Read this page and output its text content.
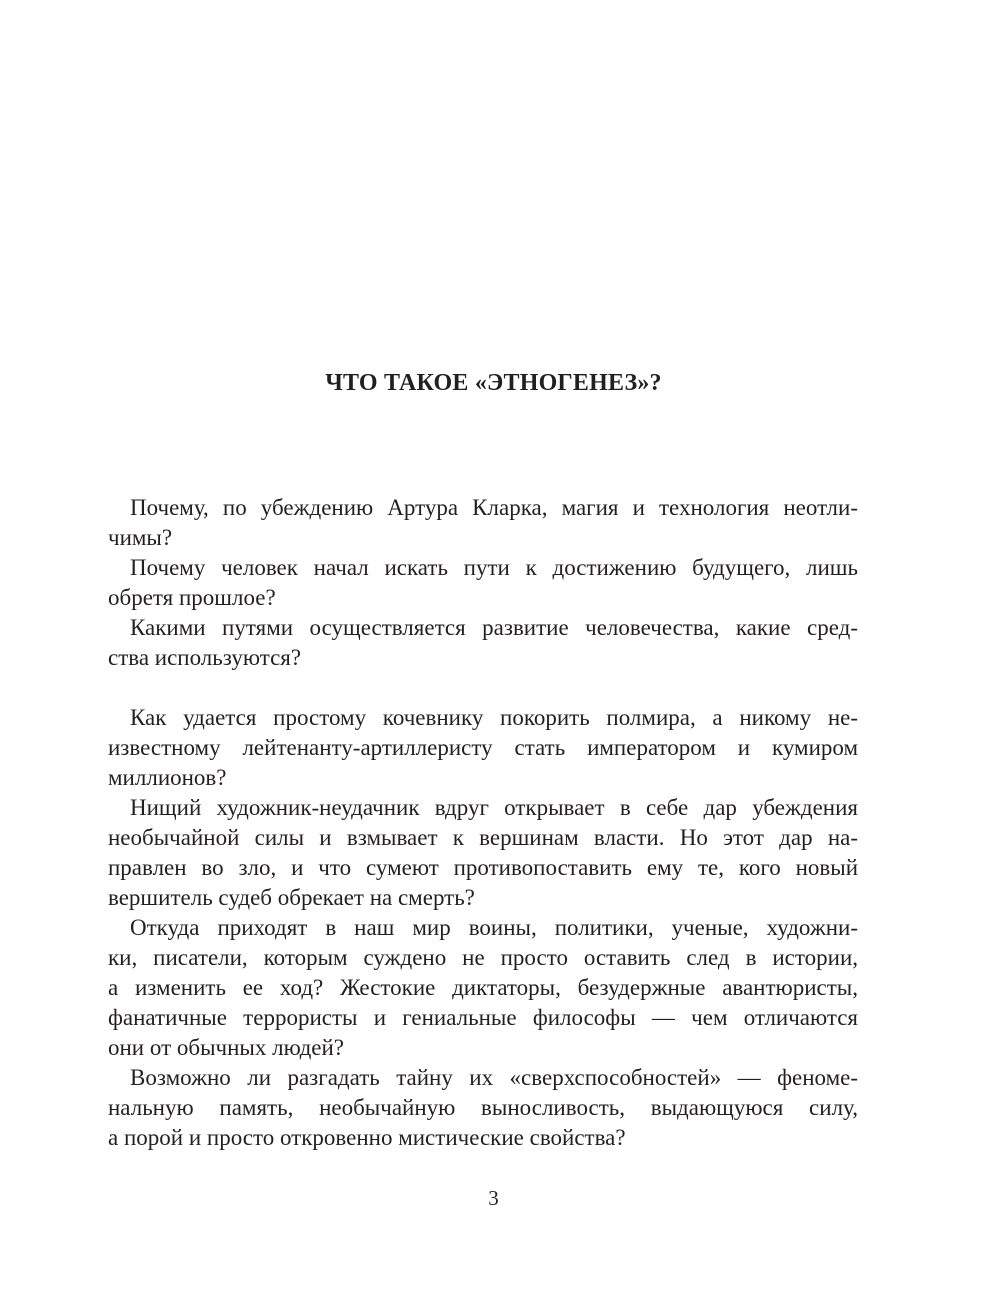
ЧТО ТАКОЕ «ЭТНОГЕНЕЗ»?
Почему, по убеждению Артура Кларка, магия и технология неотли-
чимы?
Почему человек начал искать пути к достижению будущего, лишь
обретя прошлое?
Какими путями осуществляется развитие человечества, какие сред-
ства используются?
Как удается простому кочевнику покорить полмира, а никому не-
известному лейтенанту-артиллеристу стать императором и кумиром
миллионов?
Нищий художник-неудачник вдруг открывает в себе дар убеждения
необычайной силы и взмывает к вершинам власти. Но этот дар на-
правлен во зло, и что сумеют противопоставить ему те, кого новый
вершитель судеб обрекает на смерть?
Откуда приходят в наш мир воины, политики, ученые, художни-
ки, писатели, которым суждено не просто оставить след в истории,
а изменить ее ход? Жестокие диктаторы, безудержные авантюристы,
фанатичные террористы и гениальные философы — чем отличаются
они от обычных людей?
Возможно ли разгадать тайну их «сверхспособностей» — феноме-
нальную память, необычайную выносливость, выдающуюся силу,
а порой и просто откровенно мистические свойства?
3
